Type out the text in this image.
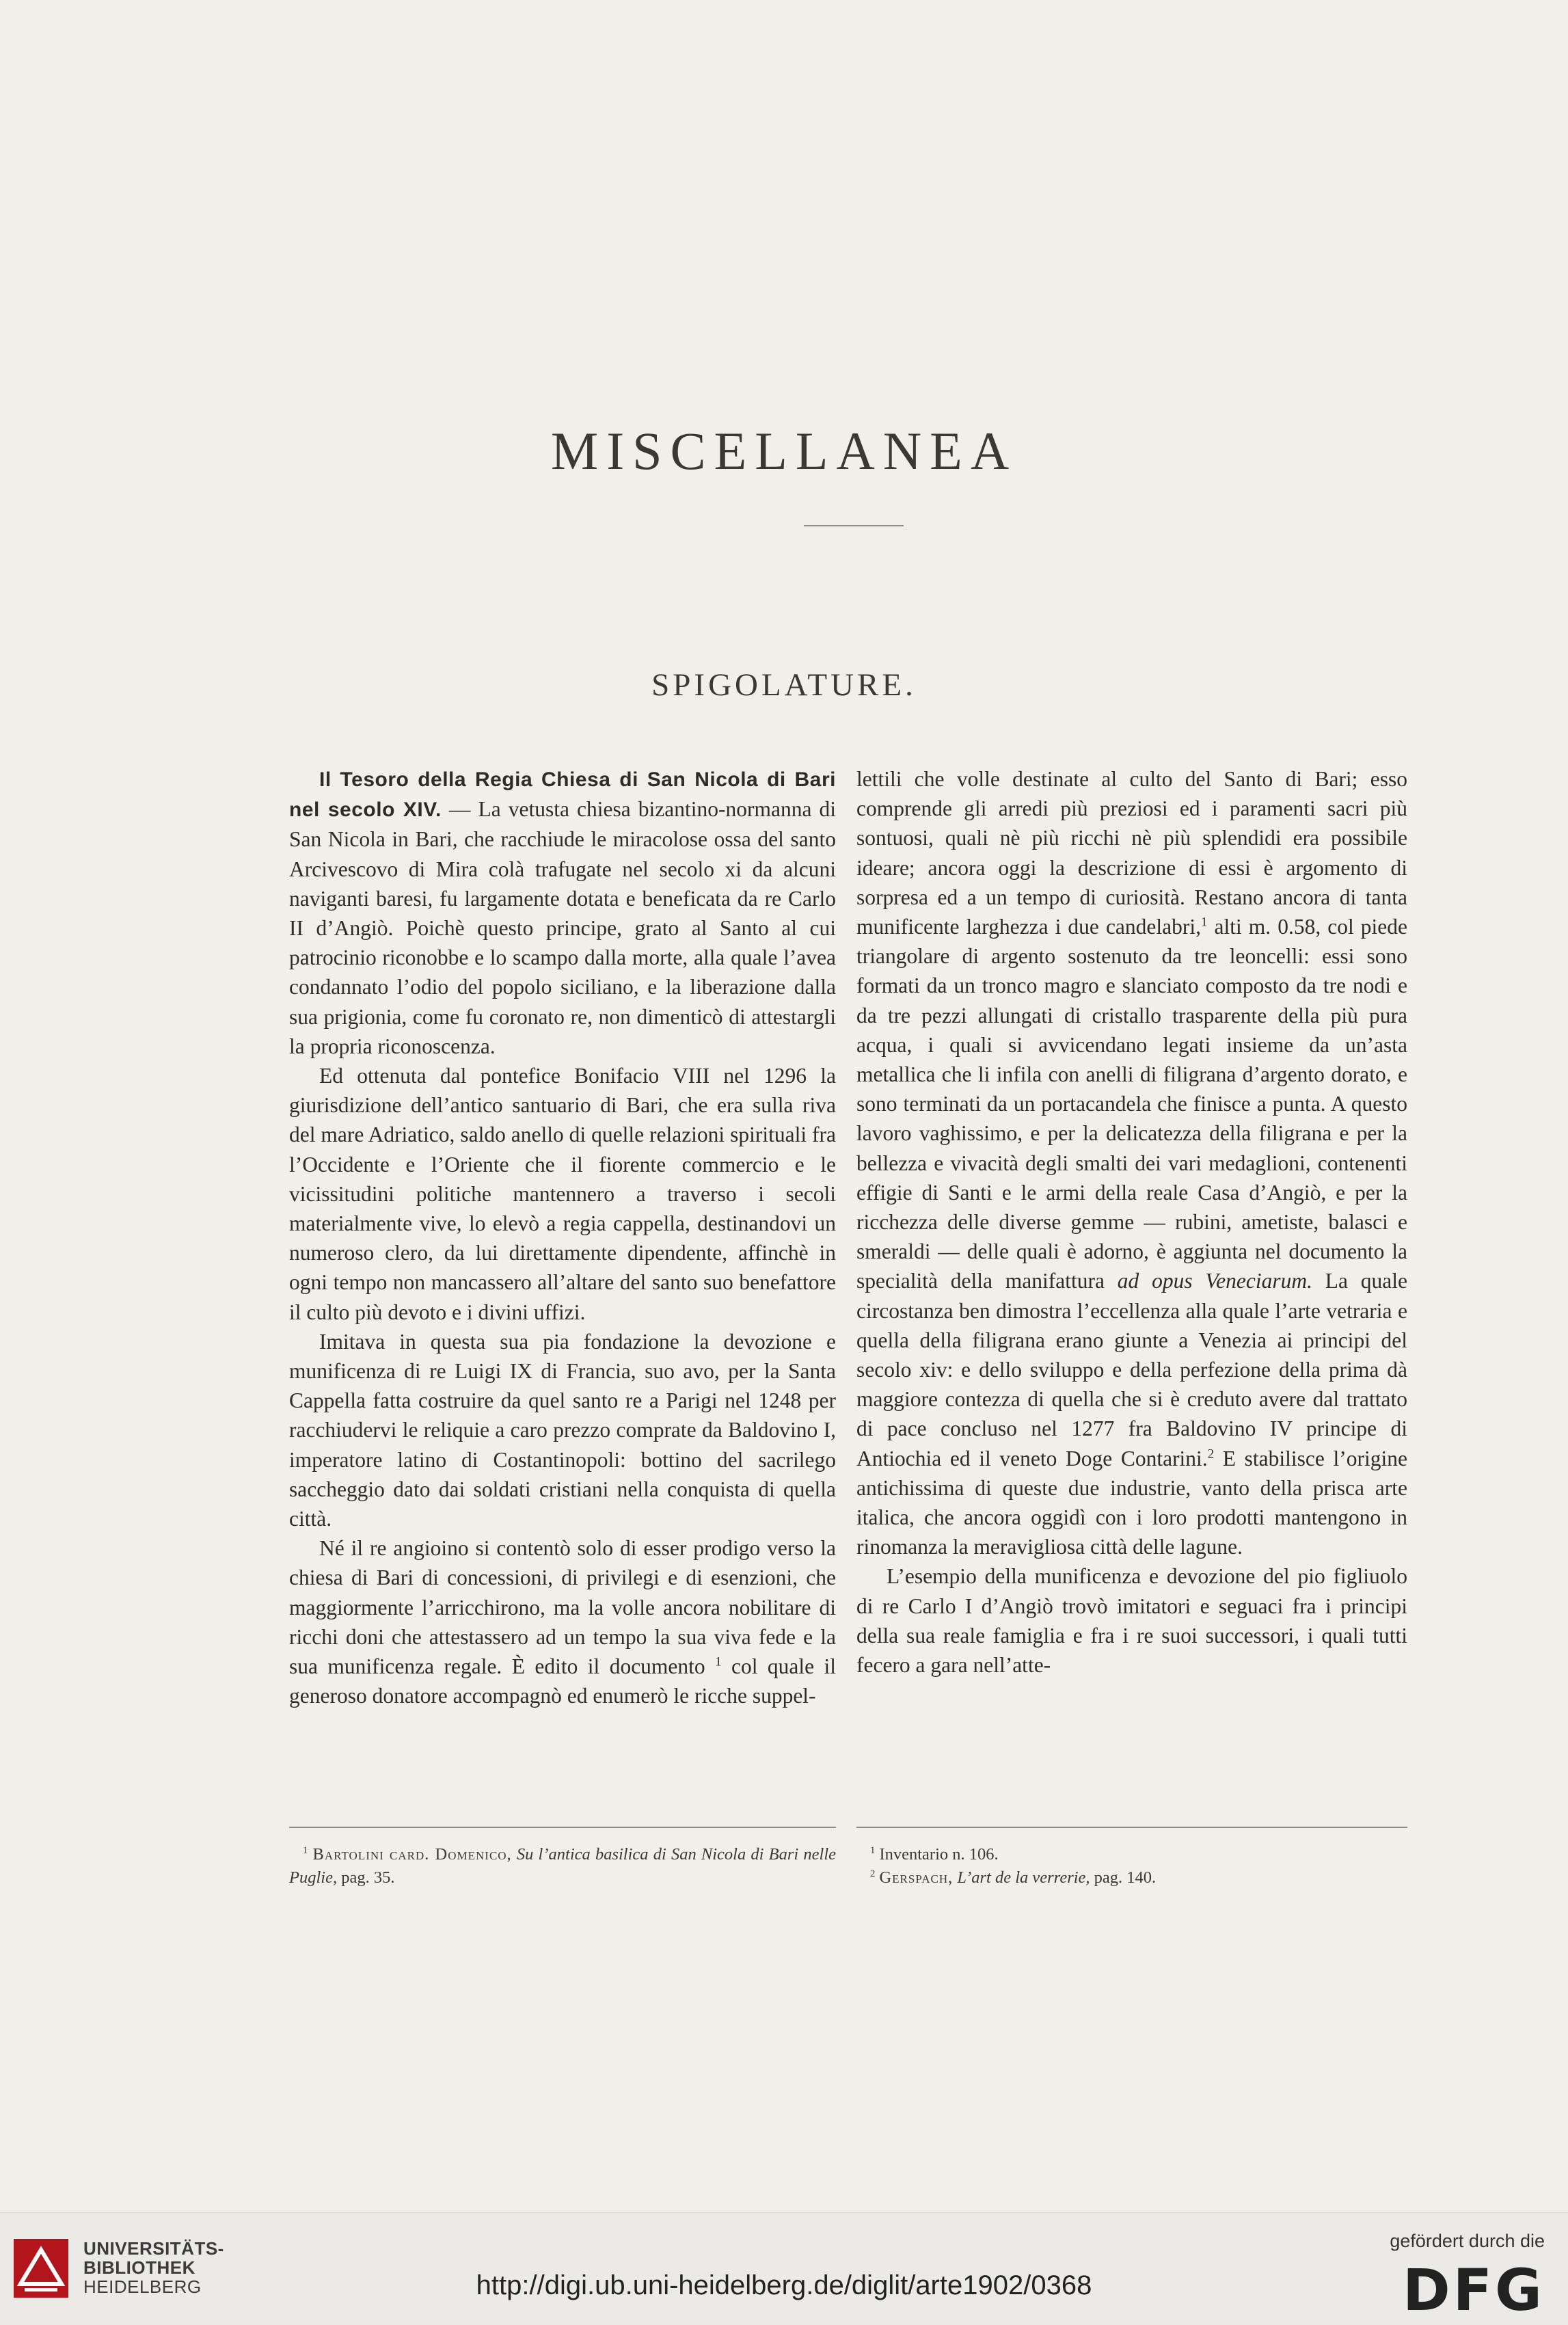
MISCELLANEA
SPIGOLATURE.

Il Tesoro della Regia Chiesa di San Nicola di Bari nel secolo XIV. — La vetusta chiesa bizantino-normanna di San Nicola in Bari, che racchiude le miracolose ossa del santo Arcivescovo di Mira colà trafugate nel secolo xi da alcuni naviganti baresi, fu largamente dotata e beneficata da re Carlo II d’Angiò. Poichè questo principe, grato al Santo al cui patrocinio riconobbe e lo scampo dalla morte, alla quale l’avea condannato l’odio del popolo siciliano, e la liberazione dalla sua prigionia, come fu coronato re, non dimenticò di attestargli la propria riconoscenza.

Ed ottenuta dal pontefice Bonifacio VIII nel 1296 la giurisdizione dell’antico santuario di Bari, che era sulla riva del mare Adriatico, saldo anello di quelle relazioni spirituali fra l’Occidente e l’Oriente che il fiorente commercio e le vicissitudini politiche mantennero a traverso i secoli materialmente vive, lo elevò a regia cappella, destinandovi un numeroso clero, da lui direttamente dipendente, affinchè in ogni tempo non mancassero all’altare del santo suo benefattore il culto più devoto e i divini uffizi.

Imitava in questa sua pia fondazione la devozione e munificenza di re Luigi IX di Francia, suo avo, per la Santa Cappella fatta costruire da quel santo re a Parigi nel 1248 per racchiudervi le reliquie a caro prezzo comprate da Baldovino I, imperatore latino di Costantinopoli: bottino del sacrilego saccheggio dato dai soldati cristiani nella conquista di quella città.

Né il re angioino si contentò solo di esser prodigo verso la chiesa di Bari di concessioni, di privilegi e di esenzioni, che maggiormente l’arricchirono, ma la volle ancora nobilitare di ricchi doni che attestassero ad un tempo la sua viva fede e la sua munificenza regale. È edito il documento $^1$ col quale il generoso donatore accompagnò ed enumerò le ricche suppel-

lettili che volle destinate al culto del Santo di Bari; esso comprende gli arredi più preziosi ed i paramenti sacri più sontuosi, quali nè più ricchi nè più splendidi era possibile ideare; ancora oggi la descrizione di essi è argomento di sorpresa ed a un tempo di curiosità. Restano ancora di tanta munificente larghezza i due candelabri,$^1$ alti m. 0.58, col piede triangolare di argento sostenuto da tre leoncelli: essi sono formati da un tronco magro e slanciato composto da tre nodi e da tre pezzi allungati di cristallo trasparente della più pura acqua, i quali si avvicendano legati insieme da un’asta metallica che li infila con anelli di filigrana d’argento dorato, e sono terminati da un portacandela che finisce a punta. A questo lavoro vaghissimo, e per la delicatezza della filigrana e per la bellezza e vivacità degli smalti dei vari medaglioni, contenenti effigie di Santi e le armi della reale Casa d’Angiò, e per la ricchezza delle diverse gemme — rubini, ametiste, balasci e smeraldi — delle quali è adorno, è aggiunta nel documento la specialità della manifattura ad opus Veneciarum. La quale circostanza ben dimostra l’eccellenza alla quale l’arte vetraria e quella della filigrana erano giunte a Venezia ai principi del secolo xiv: e dello sviluppo e della perfezione della prima dà maggiore contezza di quella che si è creduto avere dal trattato di pace concluso nel 1277 fra Baldovino IV principe di Antiochia ed il veneto Doge Contarini.$^2$ E stabilisce l’origine antichissima di queste due industrie, vanto della prisca arte italica, che ancora oggidì con i loro prodotti mantengono in rinomanza la meravigliosa città delle lagune.

L’esempio della munificenza e devozione del pio figliuolo di re Carlo I d’Angiò trovò imitatori e seguaci fra i principi della sua reale famiglia e fra i re suoi successori, i quali tutti fecero a gara nell’atte-

$^1$ Bartolini card. Domenico, Su l’antica basilica di San Nicola di Bari nelle Puglie, pag. 35.

$^1$ Inventario n. 106.

$^2$ Gerspach, L’art de la verrerie, pag. 140.

UNIVERSITÄTS-
BIBLIOTHEK
HEIDELBERG	http://digi.ub.uni-heidelberg.de/diglit/arte1902/0368
gefördert durch die
DFG
